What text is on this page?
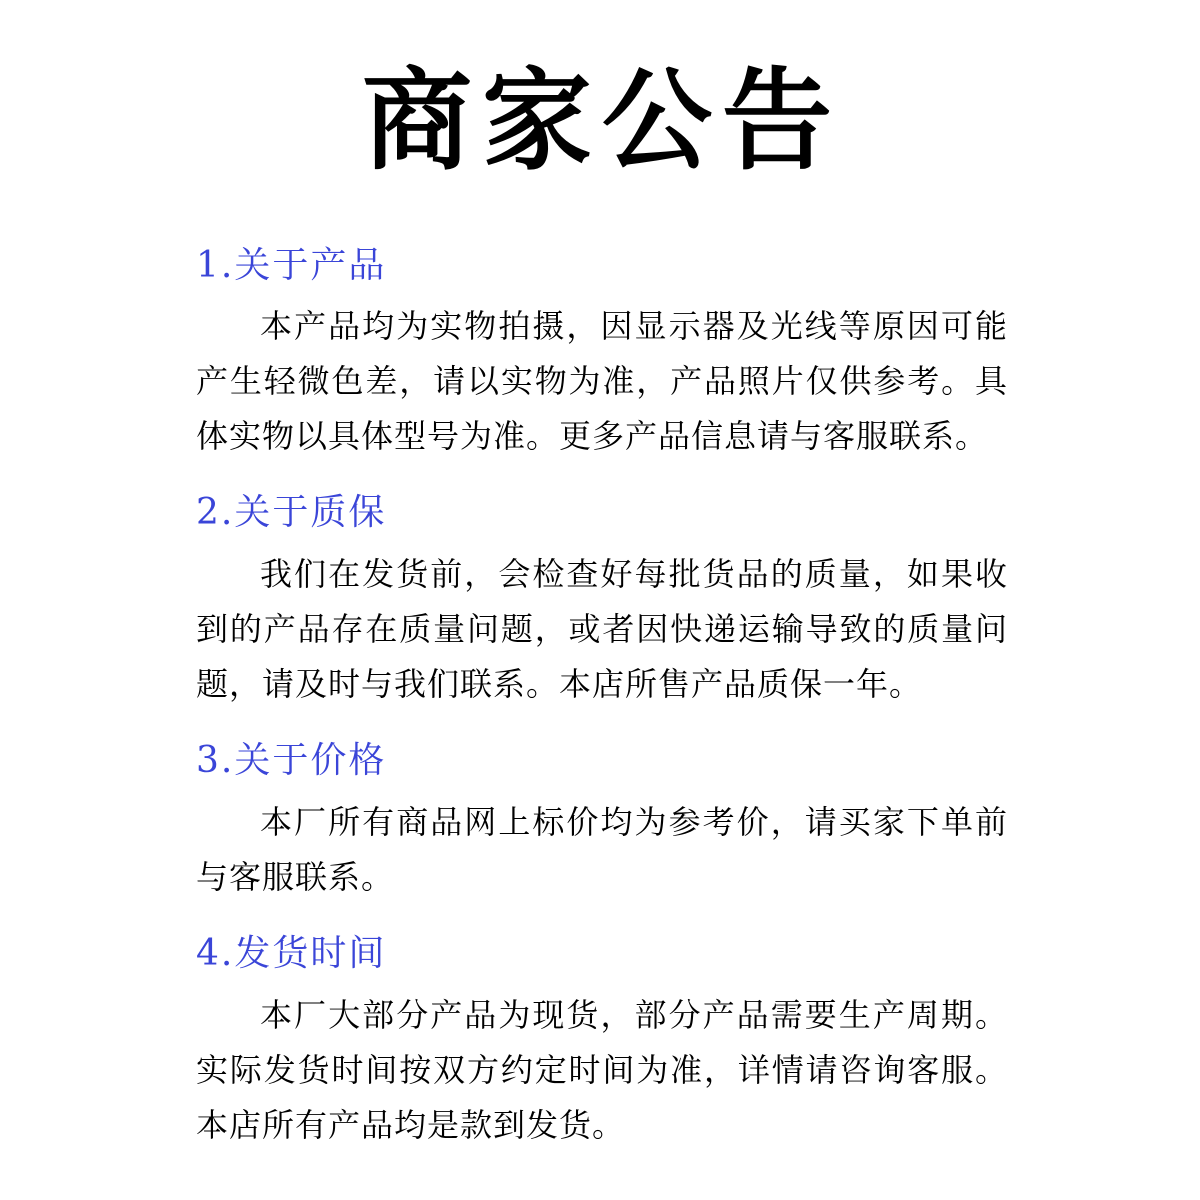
商家公告
1.关于产品

本产品均为实物拍摄，因显示器及光线等原因可能产生轻微色差，请以实物为准，产品照片仅供参考。具体实物以具体型号为准。更多产品信息请与客服联系。

2.关于质保

我们在发货前，会检查好每批货品的质量，如果收到的产品存在质量问题，或者因快递运输导致的质量问题，请及时与我们联系。本店所售产品质保一年。

3.关于价格

本厂所有商品网上标价均为参考价，请买家下单前与客服联系。

4.发货时间

本厂大部分产品为现货，部分产品需要生产周期。实际发货时间按双方约定时间为准，详情请咨询客服。本店所有产品均是款到发货。
